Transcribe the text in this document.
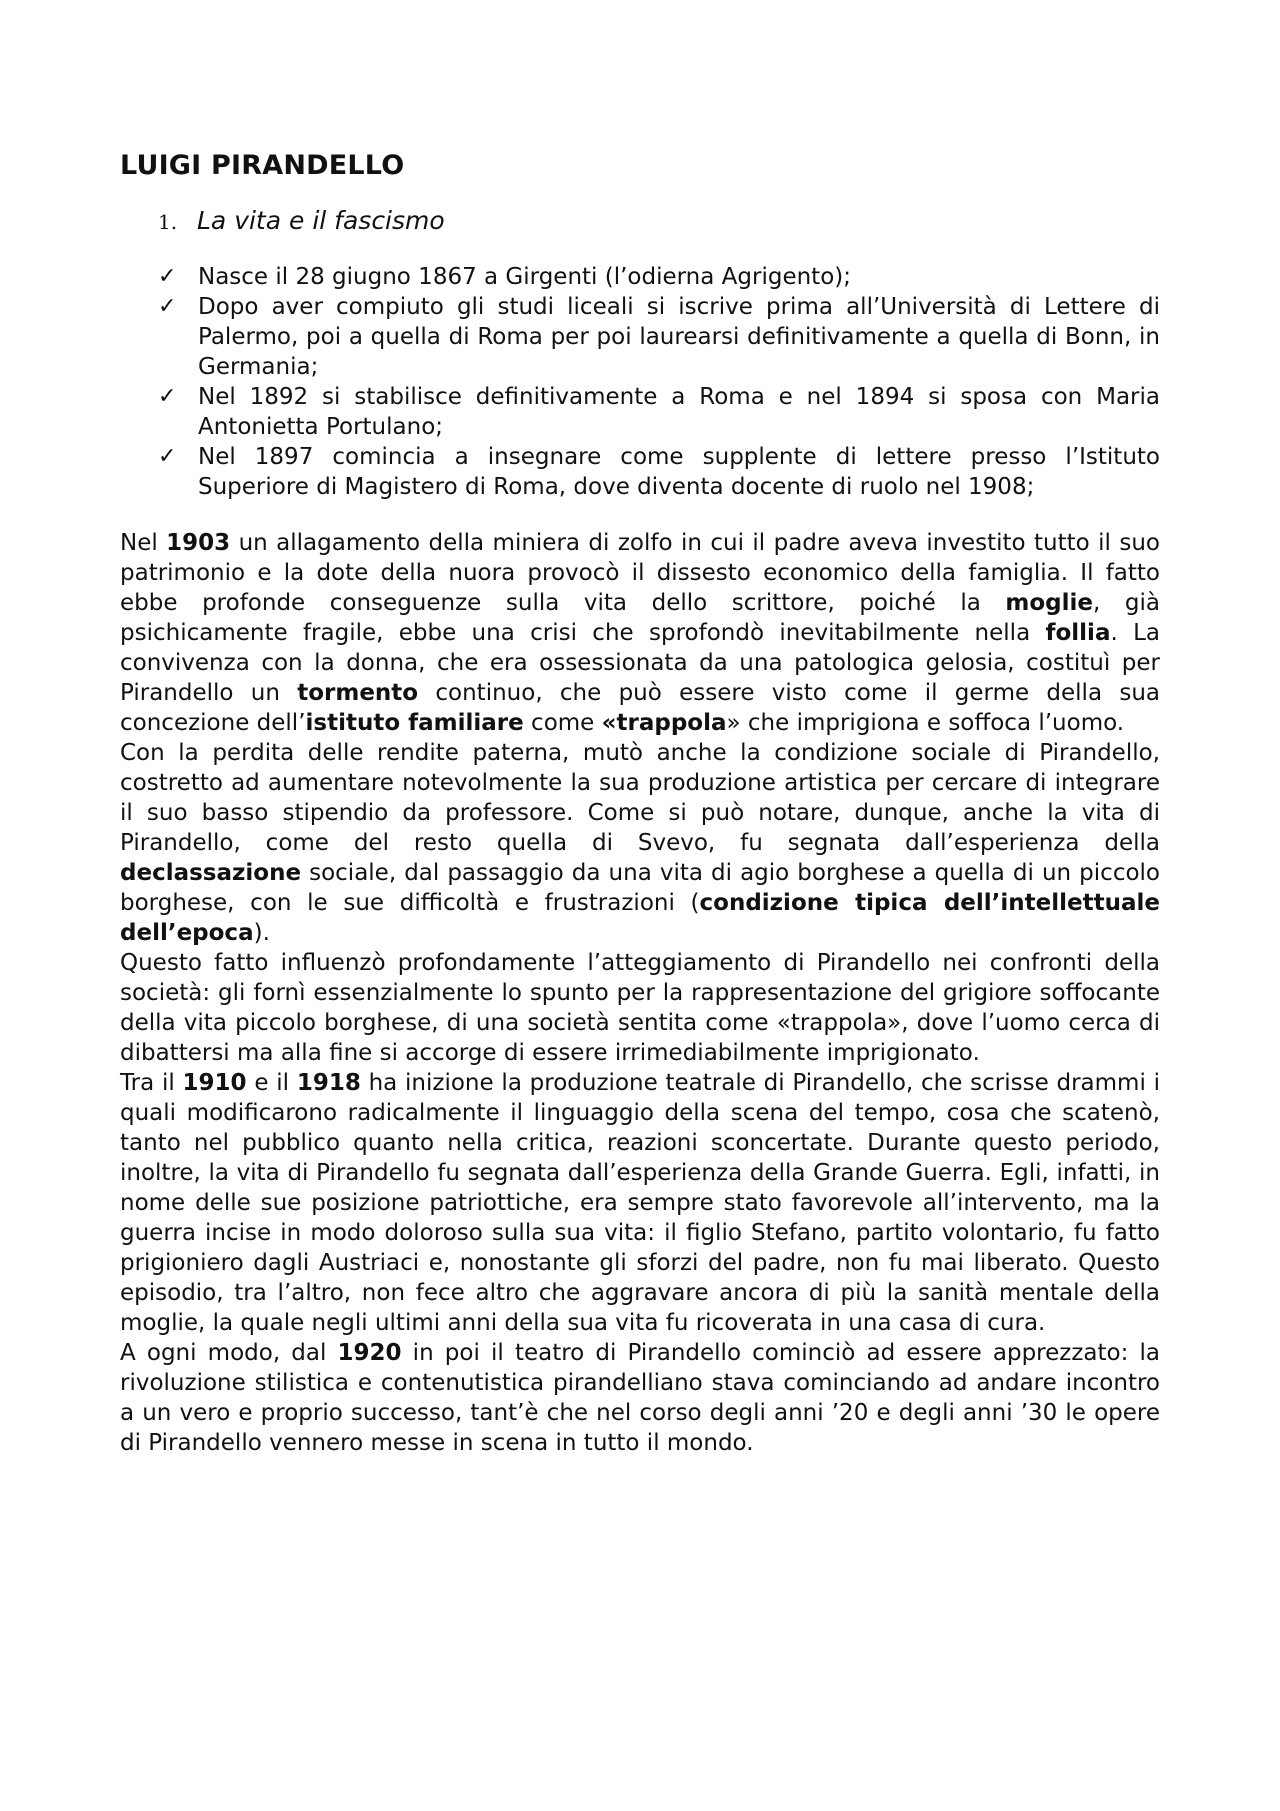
LUIGI PIRANDELLO
1. La vita e il fascismo
✓ Nasce il 28 giugno 1867 a Girgenti (l’odierna Agrigento);
✓ Dopo aver compiuto gli studi liceali si iscrive prima all’Università di Lettere di Palermo, poi a quella di Roma per poi laurearsi definitivamente a quella di Bonn, in Germania;
✓ Nel 1892 si stabilisce definitivamente a Roma e nel 1894 si sposa con Maria Antonietta Portulano;
✓ Nel 1897 comincia a insegnare come supplente di lettere presso l’Istituto Superiore di Magistero di Roma, dove diventa docente di ruolo nel 1908;

Nel 1903 un allagamento della miniera di zolfo in cui il padre aveva investito tutto il suo patrimonio e la dote della nuora provocò il dissesto economico della famiglia. Il fatto ebbe profonde conseguenze sulla vita dello scrittore, poiché la moglie, già psichicamente fragile, ebbe una crisi che sprofondò inevitabilmente nella follia. La convivenza con la donna, che era ossessionata da una patologica gelosia, costituì per Pirandello un tormento continuo, che può essere visto come il germe della sua concezione dell’istituto familiare come «trappola» che imprigiona e soffoca l’uomo.

Con la perdita delle rendite paterna, mutò anche la condizione sociale di Pirandello, costretto ad aumentare notevolmente la sua produzione artistica per cercare di integrare il suo basso stipendio da professore. Come si può notare, dunque, anche la vita di Pirandello, come del resto quella di Svevo, fu segnata dall’esperienza della declassazione sociale, dal passaggio da una vita di agio borghese a quella di un piccolo borghese, con le sue difficoltà e frustrazioni (condizione tipica dell’intellettuale dell’epoca).

Questo fatto influenzò profondamente l’atteggiamento di Pirandello nei confronti della società: gli fornì essenzialmente lo spunto per la rappresentazione del grigiore soffocante della vita piccolo borghese, di una società sentita come «trappola», dove l’uomo cerca di dibattersi ma alla fine si accorge di essere irrimediabilmente imprigionato.

Tra il 1910 e il 1918 ha inizione la produzione teatrale di Pirandello, che scrisse drammi i quali modificarono radicalmente il linguaggio della scena del tempo, cosa che scatenò, tanto nel pubblico quanto nella critica, reazioni sconcertate. Durante questo periodo, inoltre, la vita di Pirandello fu segnata dall’esperienza della Grande Guerra. Egli, infatti, in nome delle sue posizione patriottiche, era sempre stato favorevole all’intervento, ma la guerra incise in modo doloroso sulla sua vita: il figlio Stefano, partito volontario, fu fatto prigioniero dagli Austriaci e, nonostante gli sforzi del padre, non fu mai liberato. Questo episodio, tra l’altro, non fece altro che aggravare ancora di più la sanità mentale della moglie, la quale negli ultimi anni della sua vita fu ricoverata in una casa di cura.

A ogni modo, dal 1920 in poi il teatro di Pirandello cominciò ad essere apprezzato: la rivoluzione stilistica e contenutistica pirandelliano stava cominciando ad andare incontro a un vero e proprio successo, tant’è che nel corso degli anni ’20 e degli anni ’30 le opere di Pirandello vennero messe in scena in tutto il mondo.
